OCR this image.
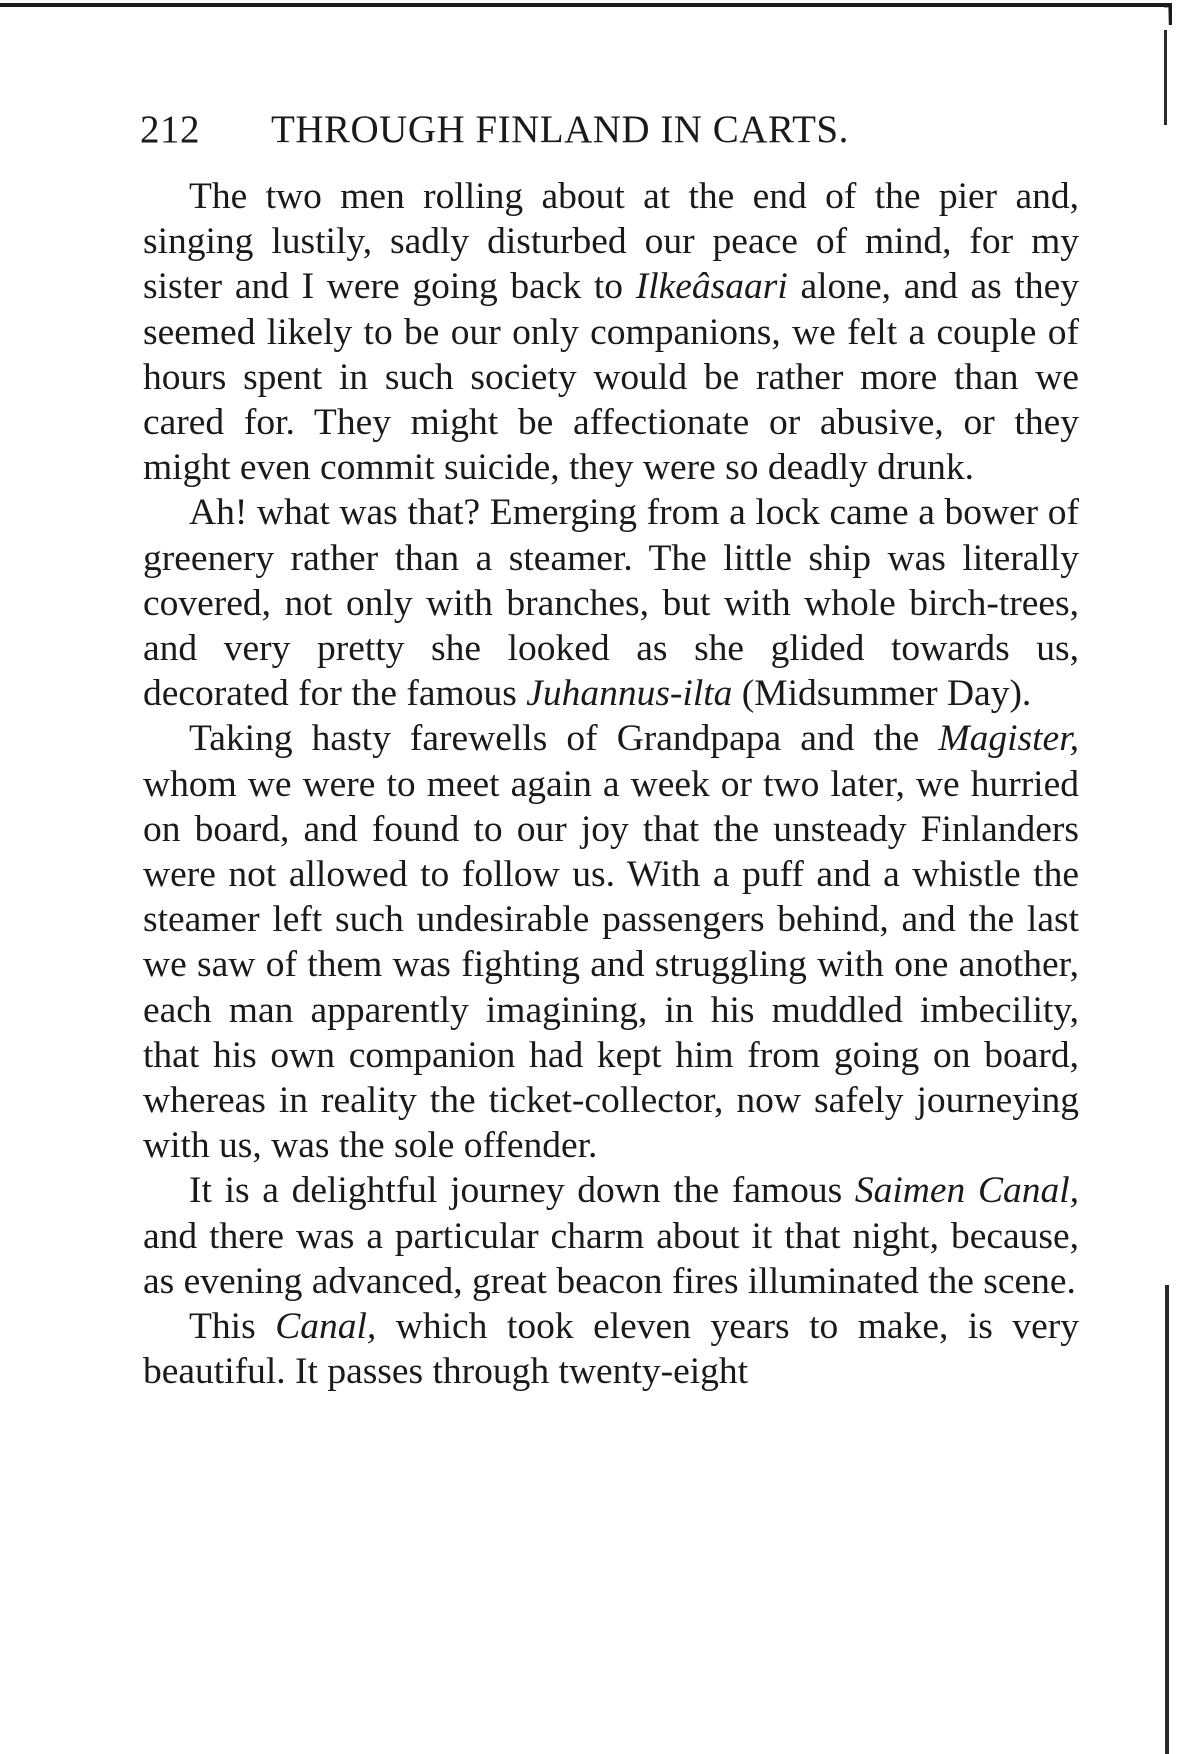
212 THROUGH FINLAND IN CARTS.

The two men rolling about at the end of the pier and, singing lustily, sadly disturbed our peace of mind, for my sister and I were going back to Ilkeâsaari alone, and as they seemed likely to be our only companions, we felt a couple of hours spent in such society would be rather more than we cared for. They might be affectionate or abusive, or they might even commit suicide, they were so deadly drunk.

Ah! what was that? Emerging from a lock came a bower of greenery rather than a steamer. The little ship was literally covered, not only with branches, but with whole birch-trees, and very pretty she looked as she glided towards us, decorated for the famous Juhannus-ilta (Midsummer Day).

Taking hasty farewells of Grandpapa and the Magister, whom we were to meet again a week or two later, we hurried on board, and found to our joy that the unsteady Finlanders were not allowed to follow us. With a puff and a whistle the steamer left such undesirable passengers behind, and the last we saw of them was fighting and struggling with one another, each man apparently imagining, in his muddled imbecility, that his own companion had kept him from going on board, whereas in reality the ticket-collector, now safely journeying with us, was the sole offender.

It is a delightful journey down the famous Saimen Canal, and there was a particular charm about it that night, because, as evening advanced, great beacon fires illuminated the scene.

This Canal, which took eleven years to make, is very beautiful. It passes through twenty-eight
